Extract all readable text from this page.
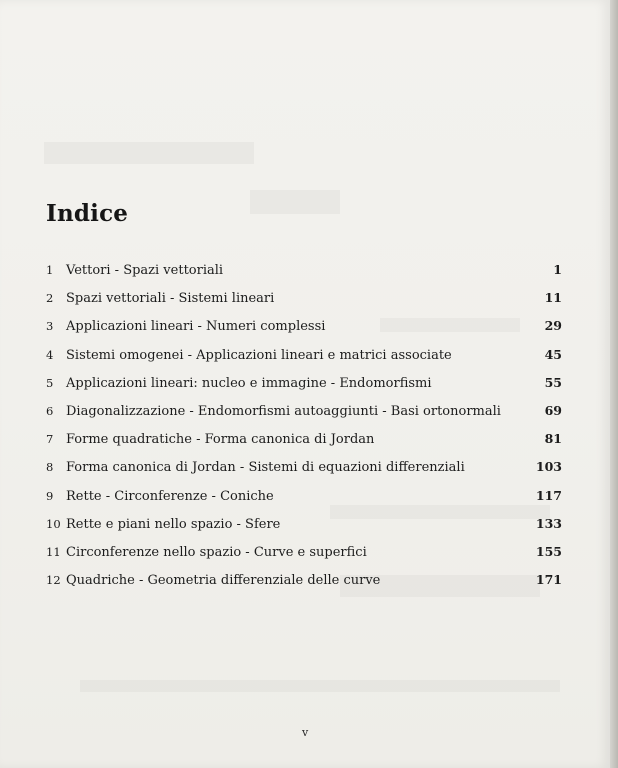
Indice
1 Vettori - Spazi vettoriali	1
2 Spazi vettoriali - Sistemi lineari	11
3 Applicazioni lineari - Numeri complessi	29
4 Sistemi omogenei - Applicazioni lineari e matrici associate	45
5 Applicazioni lineari: nucleo e immagine - Endomorfismi	55
6 Diagonalizzazione - Endomorfismi autoaggiunti - Basi ortonormali	69
7 Forme quadratiche - Forma canonica di Jordan	81
8 Forma canonica di Jordan - Sistemi di equazioni differenziali	103
9 Rette - Circonferenze - Coniche	117
10 Rette e piani nello spazio - Sfere	133
11 Circonferenze nello spazio - Curve e superfici	155
12 Quadriche - Geometria differenziale delle curve	171
v
